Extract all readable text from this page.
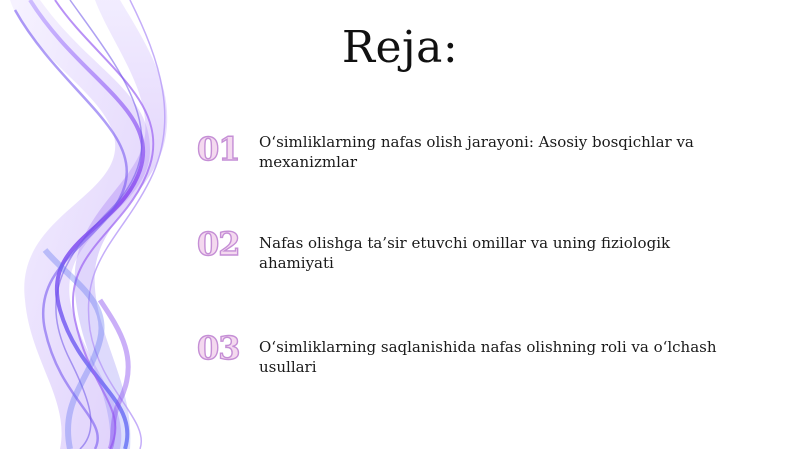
Reja:
01	O‘simliklarning nafas olish jarayoni: Asosiy bosqichlar va mexanizmlar
02	Nafas olishga ta’sir etuvchi omillar va uning fiziologik ahamiyati
03	O‘simliklarning saqlanishida nafas olishning roli va o‘lchash usullari
